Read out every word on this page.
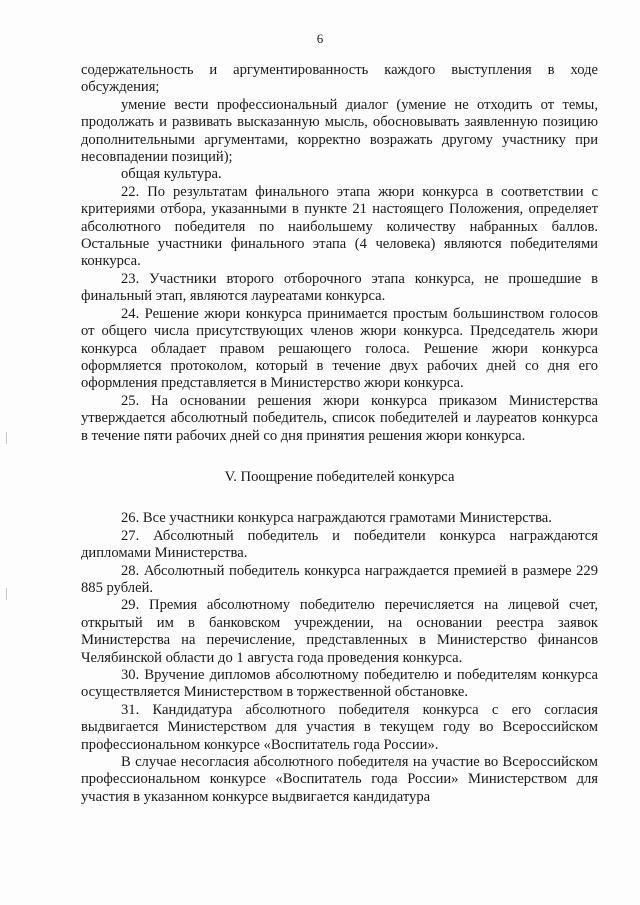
6

содержательность и аргументированность каждого выступления в ходе обсуждения;

умение вести профессиональный диалог (умение не отходить от темы, продолжать и развивать высказанную мысль, обосновывать заявленную позицию дополнительными аргументами, корректно возражать другому участнику при несовпадении позиций);

общая культура.

22. По результатам финального этапа жюри конкурса в соответствии с критериями отбора, указанными в пункте 21 настоящего Положения, определяет абсолютного победителя по наибольшему количеству набранных баллов. Остальные участники финального этапа (4 человека) являются победителями конкурса.

23. Участники второго отборочного этапа конкурса, не прошедшие в финальный этап, являются лауреатами конкурса.

24. Решение жюри конкурса принимается простым большинством голосов от общего числа присутствующих членов жюри конкурса. Председатель жюри конкурса обладает правом решающего голоса. Решение жюри конкурса оформляется протоколом, который в течение двух рабочих дней со дня его оформления представляется в Министерство жюри конкурса.

25. На основании решения жюри конкурса приказом Министерства утверждается абсолютный победитель, список победителей и лауреатов конкурса в течение пяти рабочих дней со дня принятия решения жюри конкурса.

V. Поощрение победителей конкурса

26. Все участники конкурса награждаются грамотами Министерства.

27. Абсолютный победитель и победители конкурса награждаются дипломами Министерства.

28. Абсолютный победитель конкурса награждается премией в размере 229 885 рублей.

29. Премия абсолютному победителю перечисляется на лицевой счет, открытый им в банковском учреждении, на основании реестра заявок Министерства на перечисление, представленных в Министерство финансов Челябинской области до 1 августа года проведения конкурса.

30. Вручение дипломов абсолютному победителю и победителям конкурса осуществляется Министерством в торжественной обстановке.

31. Кандидатура абсолютного победителя конкурса с его согласия выдвигается Министерством для участия в текущем году во Всероссийском профессиональном конкурсе «Воспитатель года России».

В случае несогласия абсолютного победителя на участие во Всероссийском профессиональном конкурсе «Воспитатель года России» Министерством для участия в указанном конкурсе выдвигается кандидатура
